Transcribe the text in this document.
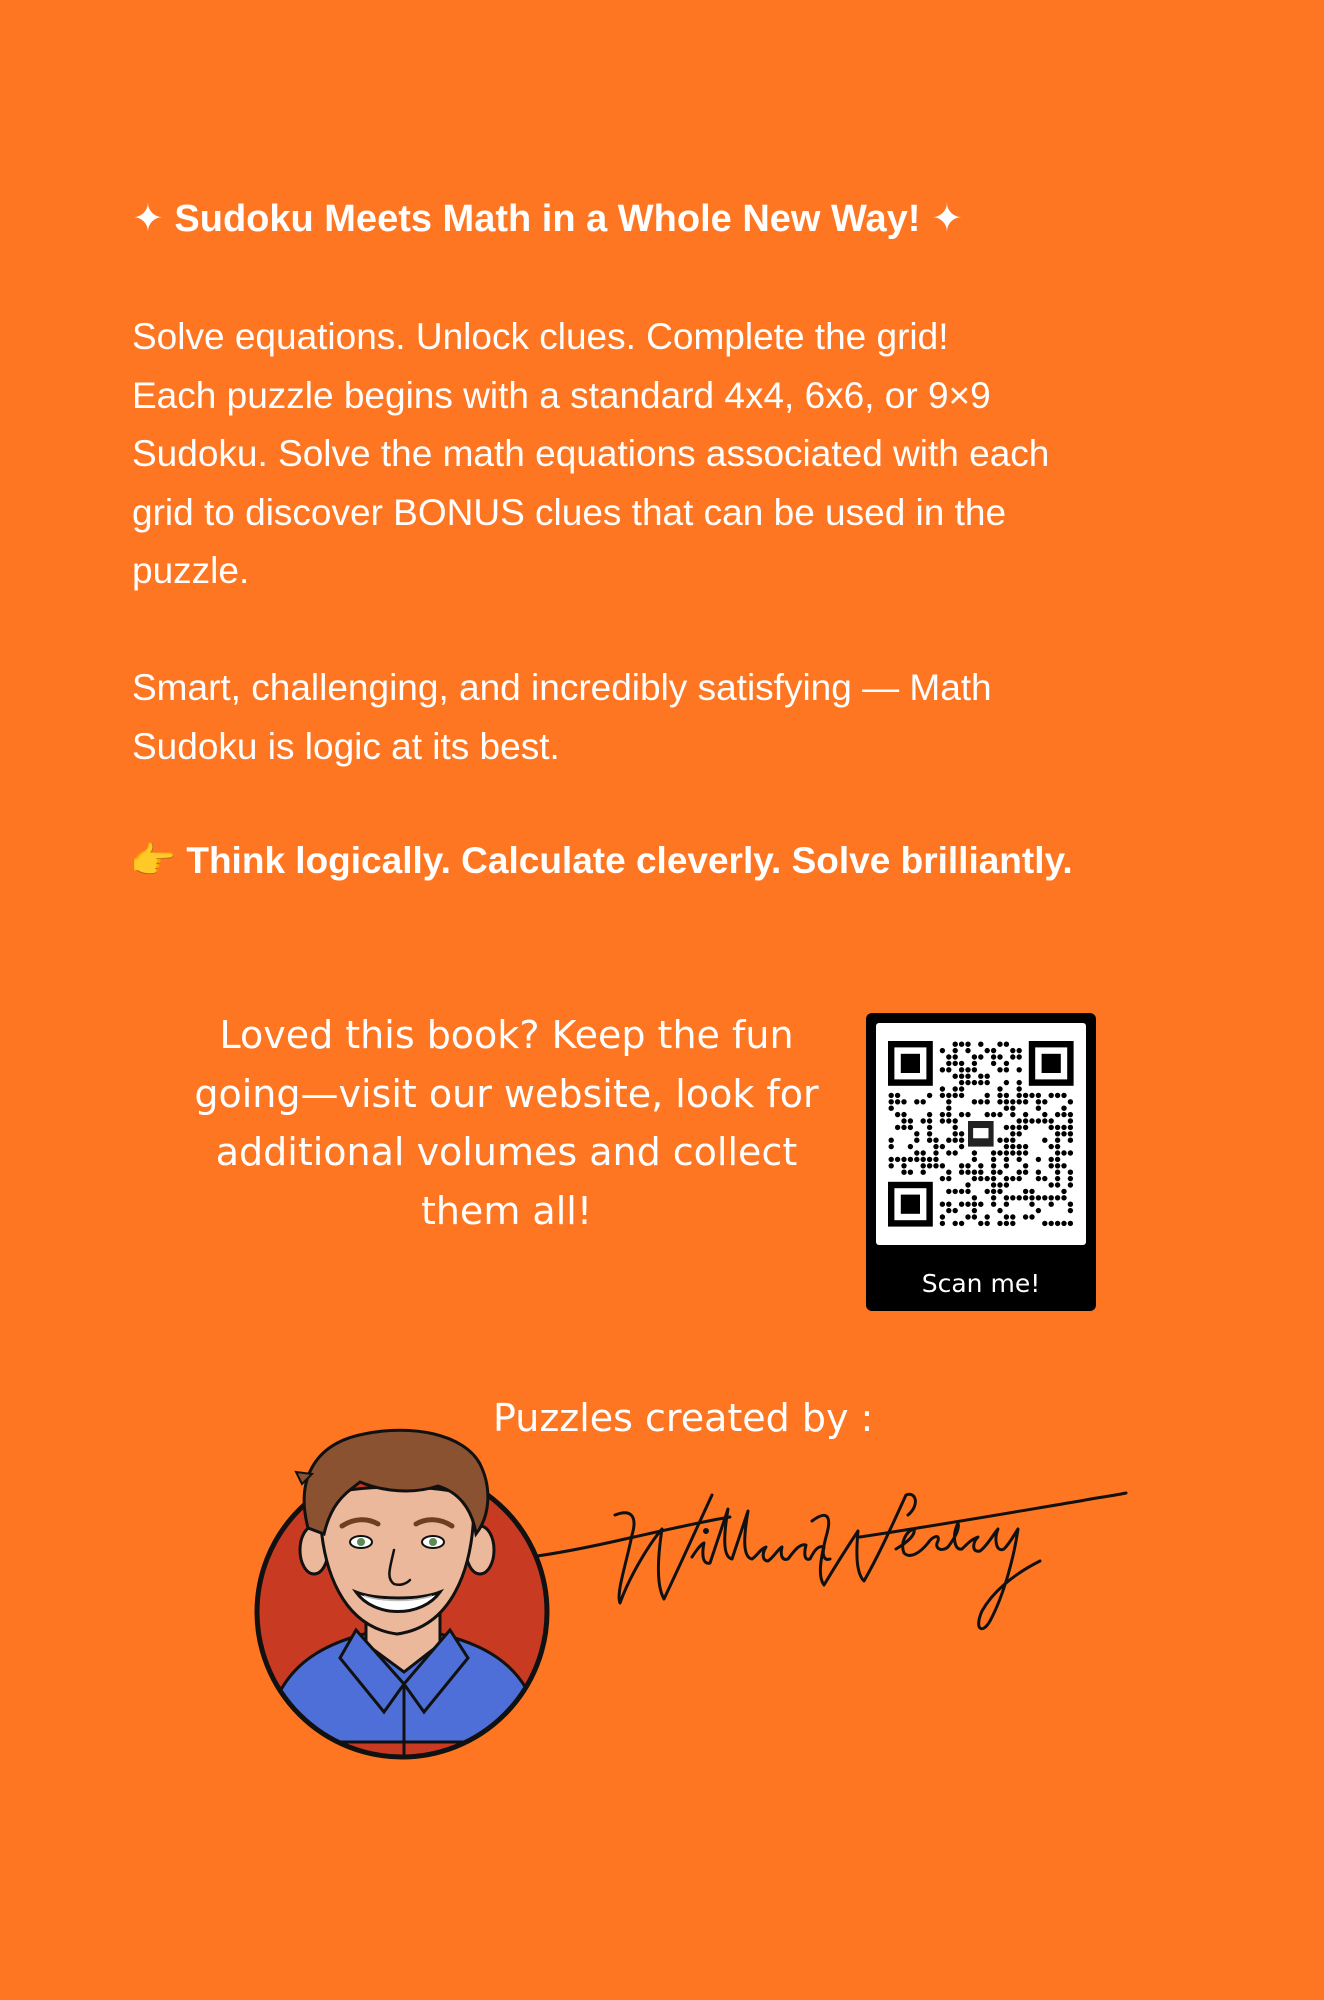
✦ Sudoku Meets Math in a Whole New Way! ✦
Solve equations. Unlock clues. Complete the grid!
Each puzzle begins with a standard 4x4, 6x6, or 9×9
Sudoku. Solve the math equations associated with each
grid to discover BONUS clues that can be used in the
puzzle.
Smart, challenging, and incredibly satisfying — Math
Sudoku is logic at its best.
👉 Think logically. Calculate cleverly. Solve brilliantly.
Loved this book? Keep the fun
going—visit our website, look for
additional volumes and collect
them all!
Scan me!
Puzzles created by :
